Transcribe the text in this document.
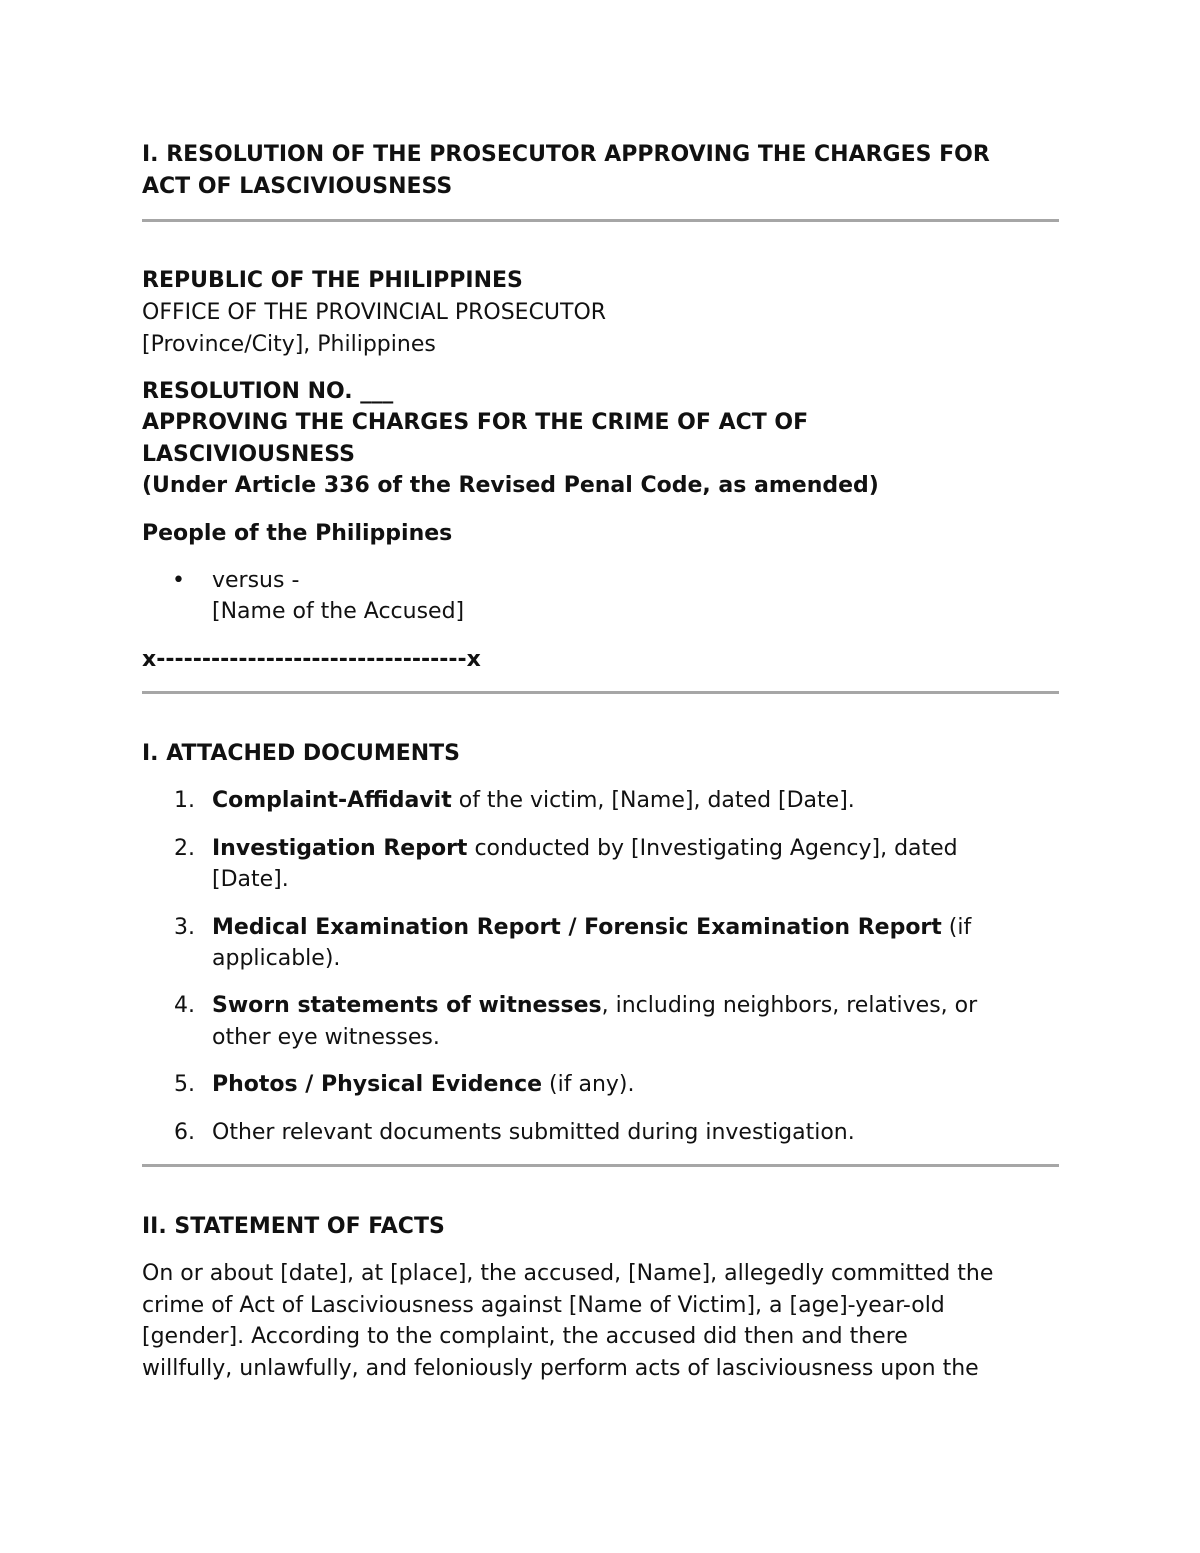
I. RESOLUTION OF THE PROSECUTOR APPROVING THE CHARGES FOR
ACT OF LASCIVIOUSNESS
REPUBLIC OF THE PHILIPPINES
OFFICE OF THE PROVINCIAL PROSECUTOR
[Province/City], Philippines
RESOLUTION NO. ___
APPROVING THE CHARGES FOR THE CRIME OF ACT OF
LASCIVIOUSNESS
(Under Article 336 of the Revised Penal Code, as amended)
People of the Philippines
• versus -
[Name of the Accused]
x----------------------------------x
I. ATTACHED DOCUMENTS
1. Complaint-Affidavit of the victim, [Name], dated [Date].
2. Investigation Report conducted by [Investigating Agency], dated
[Date].
3. Medical Examination Report / Forensic Examination Report (if
applicable).
4. Sworn statements of witnesses, including neighbors, relatives, or
other eye witnesses.
5. Photos / Physical Evidence (if any).
6. Other relevant documents submitted during investigation.
II. STATEMENT OF FACTS
On or about [date], at [place], the accused, [Name], allegedly committed the
crime of Act of Lasciviousness against [Name of Victim], a [age]-year-old
[gender]. According to the complaint, the accused did then and there
willfully, unlawfully, and feloniously perform acts of lasciviousness upon the
